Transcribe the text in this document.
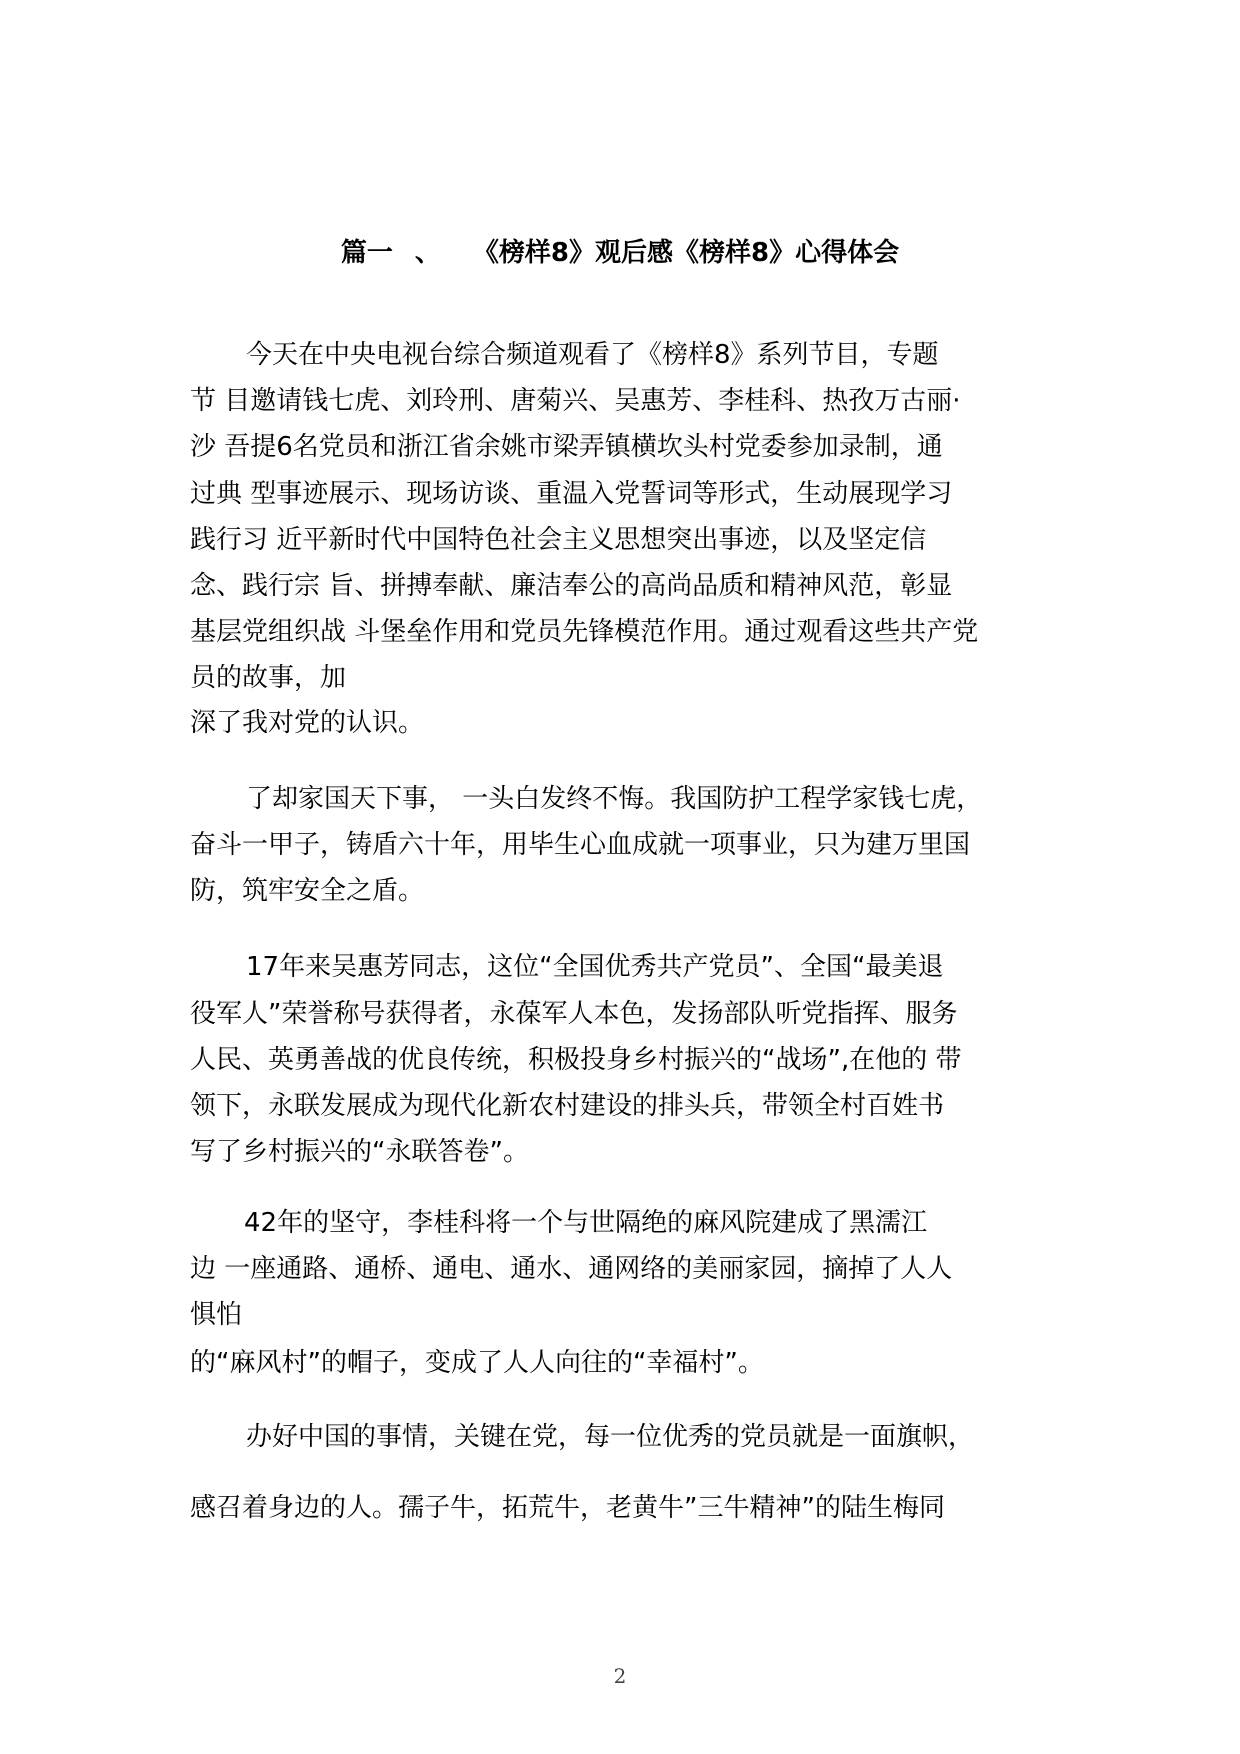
篇一 、 《榜样8》观后感《榜样8》心得体会
今天在中央电视台综合频道观看了《榜样8》系列节目，专题
节 目邀请钱七虎、刘玲刑、唐菊兴、吴惠芳、李桂科、热孜万古丽·
沙 吾提6名党员和浙江省余姚市梁弄镇横坎头村党委参加录制，通
过典 型事迹展示、现场访谈、重温入党誓词等形式，生动展现学习
践行习 近平新时代中国特色社会主义思想突出事迹，以及坚定信
念、践行宗 旨、拼搏奉献、廉洁奉公的高尚品质和精神风范，彰显
基层党组织战 斗堡垒作用和党员先锋模范作用。通过观看这些共产党
员的故事，加
深了我对党的认识。
了却家国天下事， 一头白发终不悔。我国防护工程学家钱七虎，
奋斗一甲子，铸盾六十年，用毕生心血成就一项事业，只为建万里国
防，筑牢安全之盾。
17年来吴惠芳同志，这位“全国优秀共产党员”、全国“最美退
役军人”荣誉称号获得者，永葆军人本色，发扬部队听党指挥、服务
人民、英勇善战的优良传统，积极投身乡村振兴的“战场”,在他的 带
领下，永联发展成为现代化新农村建设的排头兵，带领全村百姓书
写了乡村振兴的“永联答卷”。
42年的坚守，李桂科将一个与世隔绝的麻风院建成了黑濡江
边 一座通路、通桥、通电、通水、通网络的美丽家园，摘掉了人人
惧怕
的“麻风村”的帽子，变成了人人向往的“幸福村”。
办好中国的事情，关键在党，每一位优秀的党员就是一面旗帜，
感召着身边的人。孺子牛，拓荒牛，老黄牛”三牛精神”的陆生梅同
2
